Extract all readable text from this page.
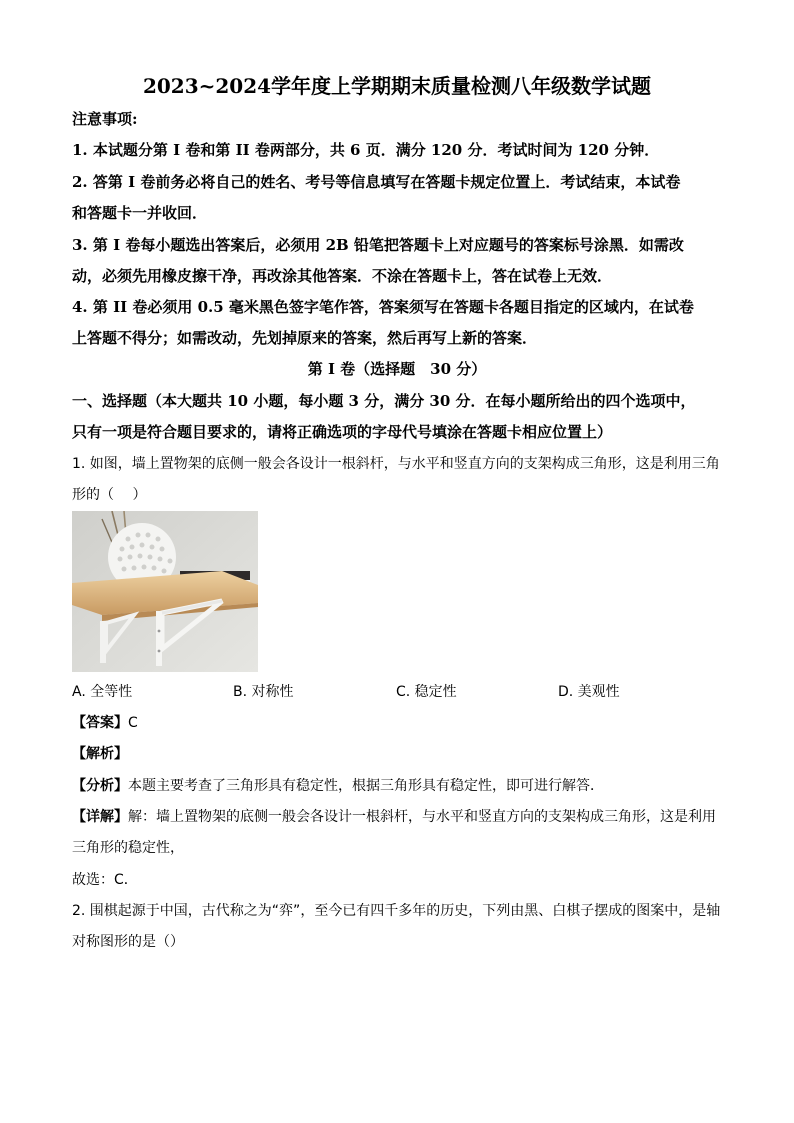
2023~2024学年度上学期期末质量检测八年级数学试题
注意事项:
1. 本试题分第 I 卷和第 II 卷两部分，共 6 页．满分 120 分．考试时间为 120 分钟．
2. 答第 I 卷前务必将自己的姓名、考号等信息填写在答题卡规定位置上．考试结束，本试卷
和答题卡一并收回．
3. 第 I 卷每小题选出答案后，必须用 2B 铅笔把答题卡上对应题号的答案标号涂黑．如需改
动，必须先用橡皮擦干净，再改涂其他答案．不涂在答题卡上，答在试卷上无效．
4. 第 II 卷必须用 0.5 毫米黑色签字笔作答，答案须写在答题卡各题目指定的区域内，在试卷
上答题不得分；如需改动，先划掉原来的答案，然后再写上新的答案．
第 I 卷（选择题　30 分）
一、选择题（本大题共 10 小题，每小题 3 分，满分 30 分．在每小题所给出的四个选项中，
只有一项是符合题目要求的，请将正确选项的字母代号填涂在答题卡相应位置上）
1. 如图，墙上置物架的底侧一般会各设计一根斜杆，与水平和竖直方向的支架构成三角形，这是利用三角
形的（　 ）
A. 全等性	B. 对称性	C. 稳定性	D. 美观性
【答案】C
【解析】
【分析】本题主要考查了三角形具有稳定性，根据三角形具有稳定性，即可进行解答．
【详解】解：墙上置物架的底侧一般会各设计一根斜杆，与水平和竖直方向的支架构成三角形，这是利用
三角形的稳定性，
故选：C．
2. 围棋起源于中国，古代称之为“弈”，至今已有四千多年的历史，下列由黑、白棋子摆成的图案中，是轴
对称图形的是（）
